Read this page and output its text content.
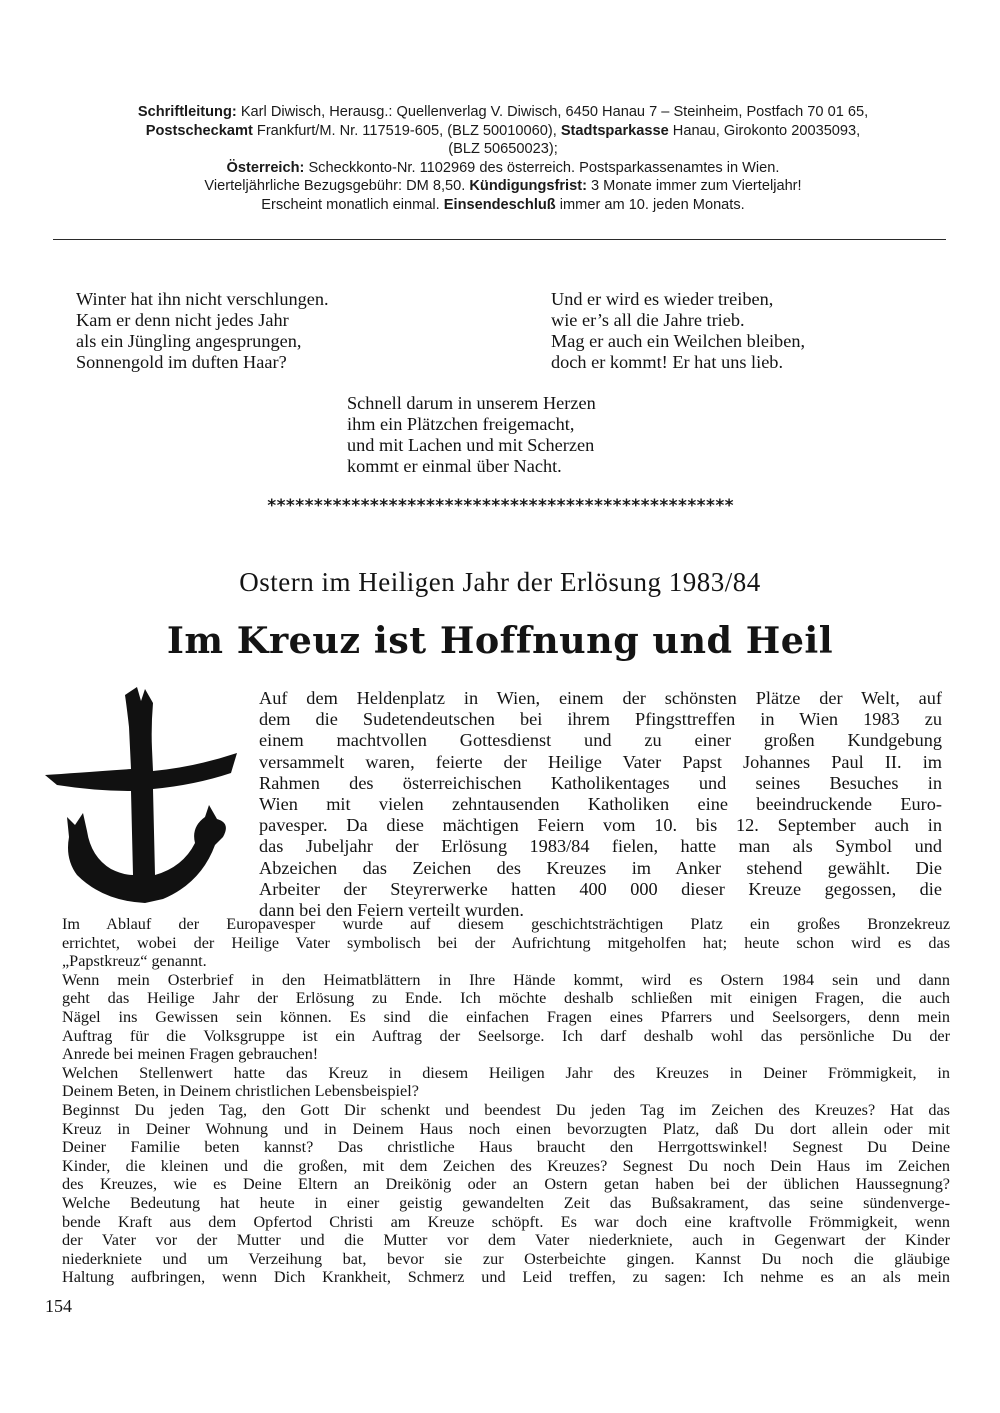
Schriftleitung: Karl Diwisch, Herausg.: Quellenverlag V. Diwisch, 6450 Hanau 7 – Steinheim, Postfach 70 01 65,
Postscheckamt Frankfurt/M. Nr. 117519-605, (BLZ 50010060), Stadtsparkasse Hanau, Girokonto 20035093,
(BLZ 50650023);
Österreich: Scheckkonto-Nr. 1102969 des österreich. Postsparkassenamtes in Wien.
Vierteljährliche Bezugsgebühr: DM 8,50. Kündigungsfrist: 3 Monate immer zum Vierteljahr!
Erscheint monatlich einmal. Einsendeschluß immer am 10. jeden Monats.
Winter hat ihn nicht verschlungen.
Kam er denn nicht jedes Jahr
als ein Jüngling angesprungen,
Sonnengold im duften Haar?
Und er wird es wieder treiben,
wie er’s all die Jahre trieb.
Mag er auch ein Weilchen bleiben,
doch er kommt! Er hat uns lieb.
Schnell darum in unserem Herzen
ihm ein Plätzchen freigemacht,
und mit Lachen und mit Scherzen
kommt er einmal über Nacht.
**************************************************
Ostern im Heiligen Jahr der Erlösung 1983/84
Im Kreuz ist Hoffnung und Heil
Auf dem Heldenplatz in Wien, einem der schönsten Plätze der Welt, auf
dem die Sudetendeutschen bei ihrem Pfingsttreffen in Wien 1983 zu
einem machtvollen Gottesdienst und zu einer großen Kundgebung
versammelt waren, feierte der Heilige Vater Papst Johannes Paul II. im
Rahmen des österreichischen Katholikentages und seines Besuches in
Wien mit vielen zehntausenden Katholiken eine beeindruckende Euro-
pavesper. Da diese mächtigen Feiern vom 10. bis 12. September auch in
das Jubeljahr der Erlösung 1983/84 fielen, hatte man als Symbol und
Abzeichen das Zeichen des Kreuzes im Anker stehend gewählt. Die
Arbeiter der Steyrerwerke hatten 400 000 dieser Kreuze gegossen, die
dann bei den Feiern verteilt wurden.
Im Ablauf der Europavesper wurde auf diesem geschichtsträchtigen Platz ein großes Bronzekreuz
errichtet, wobei der Heilige Vater symbolisch bei der Aufrichtung mitgeholfen hat; heute schon wird es das
„Papstkreuz“ genannt.
Wenn mein Osterbrief in den Heimatblättern in Ihre Hände kommt, wird es Ostern 1984 sein und dann
geht das Heilige Jahr der Erlösung zu Ende. Ich möchte deshalb schließen mit einigen Fragen, die auch
Nägel ins Gewissen sein können. Es sind die einfachen Fragen eines Pfarrers und Seelsorgers, denn mein
Auftrag für die Volksgruppe ist ein Auftrag der Seelsorge. Ich darf deshalb wohl das persönliche Du der
Anrede bei meinen Fragen gebrauchen!
Welchen Stellenwert hatte das Kreuz in diesem Heiligen Jahr des Kreuzes in Deiner Frömmigkeit, in
Deinem Beten, in Deinem christlichen Lebensbeispiel?
Beginnst Du jeden Tag, den Gott Dir schenkt und beendest Du jeden Tag im Zeichen des Kreuzes? Hat das
Kreuz in Deiner Wohnung und in Deinem Haus noch einen bevorzugten Platz, daß Du dort allein oder mit
Deiner Familie beten kannst? Das christliche Haus braucht den Herrgottswinkel! Segnest Du Deine
Kinder, die kleinen und die großen, mit dem Zeichen des Kreuzes? Segnest Du noch Dein Haus im Zeichen
des Kreuzes, wie es Deine Eltern an Dreikönig oder an Ostern getan haben bei der üblichen Haussegnung?
Welche Bedeutung hat heute in einer geistig gewandelten Zeit das Bußsakrament, das seine sündenverge-
bende Kraft aus dem Opfertod Christi am Kreuze schöpft. Es war doch eine kraftvolle Frömmigkeit, wenn
der Vater vor der Mutter und die Mutter vor dem Vater niederkniete, auch in Gegenwart der Kinder
niederkniete und um Verzeihung bat, bevor sie zur Osterbeichte gingen. Kannst Du noch die gläubige
Haltung aufbringen, wenn Dich Krankheit, Schmerz und Leid treffen, zu sagen: Ich nehme es an als mein
154
